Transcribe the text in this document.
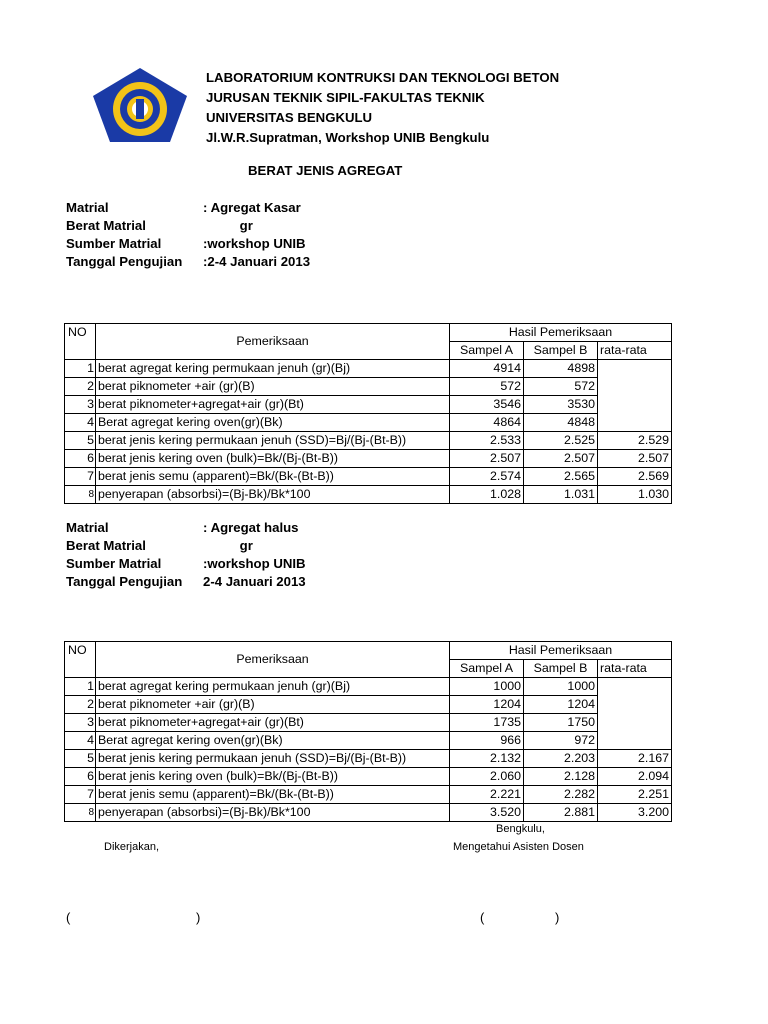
LABORATORIUM KONTRUKSI DAN TEKNOLOGI BETON
JURUSAN TEKNIK SIPIL-FAKULTAS TEKNIK
UNIVERSITAS BENGKULU
Jl.W.R.Supratman, Workshop UNIB Bengkulu
BERAT JENIS AGREGAT
Matrial	: Agregat Kasar
Berat Matrial	gr
Sumber Matrial	:workshop UNIB
Tanggal Pengujian	:2-4 Januari 2013
NO	Pemeriksaan	Hasil Pemeriksaan		
		Sampel A	Sampel B	rata-rata
1	berat agregat kering permukaan jenuh (gr)(Bj)	4914	4898	
2	berat piknometer +air (gr)(B)	572	572	
3	berat piknometer+agregat+air (gr)(Bt)	3546	3530	
4	Berat agregat kering oven(gr)(Bk)	4864	4848	
5	berat jenis kering permukaan jenuh (SSD)=Bj/(Bj-(Bt-B))	2.533	2.525	2.529
6	berat jenis kering oven (bulk)=Bk/(Bj-(Bt-B))	2.507	2.507	2.507
7	berat jenis semu (apparent)=Bk/(Bk-(Bt-B))	2.574	2.565	2.569
8	penyerapan (absorbsi)=(Bj-Bk)/Bk*100	1.028	1.031	1.030
Matrial	: Agregat halus
Berat Matrial	gr
Sumber Matrial	:workshop UNIB
Tanggal Pengujian	2-4 Januari 2013
NO	Pemeriksaan	Hasil Pemeriksaan		
		Sampel A	Sampel B	rata-rata
1	berat agregat kering permukaan jenuh (gr)(Bj)	1000	1000	
2	berat piknometer +air (gr)(B)	1204	1204	
3	berat piknometer+agregat+air (gr)(Bt)	1735	1750	
4	Berat agregat kering oven(gr)(Bk)	966	972	
5	berat jenis kering permukaan jenuh (SSD)=Bj/(Bj-(Bt-B))	2.132	2.203	2.167
6	berat jenis kering oven (bulk)=Bk/(Bj-(Bt-B))	2.060	2.128	2.094
7	berat jenis semu (apparent)=Bk/(Bk-(Bt-B))	2.221	2.282	2.251
8	penyerapan (absorbsi)=(Bj-Bk)/Bk*100	3.520	2.881	3.200
Bengkulu,
Dikerjakan,	Mengetahui Asisten Dosen
(	)	(	)
